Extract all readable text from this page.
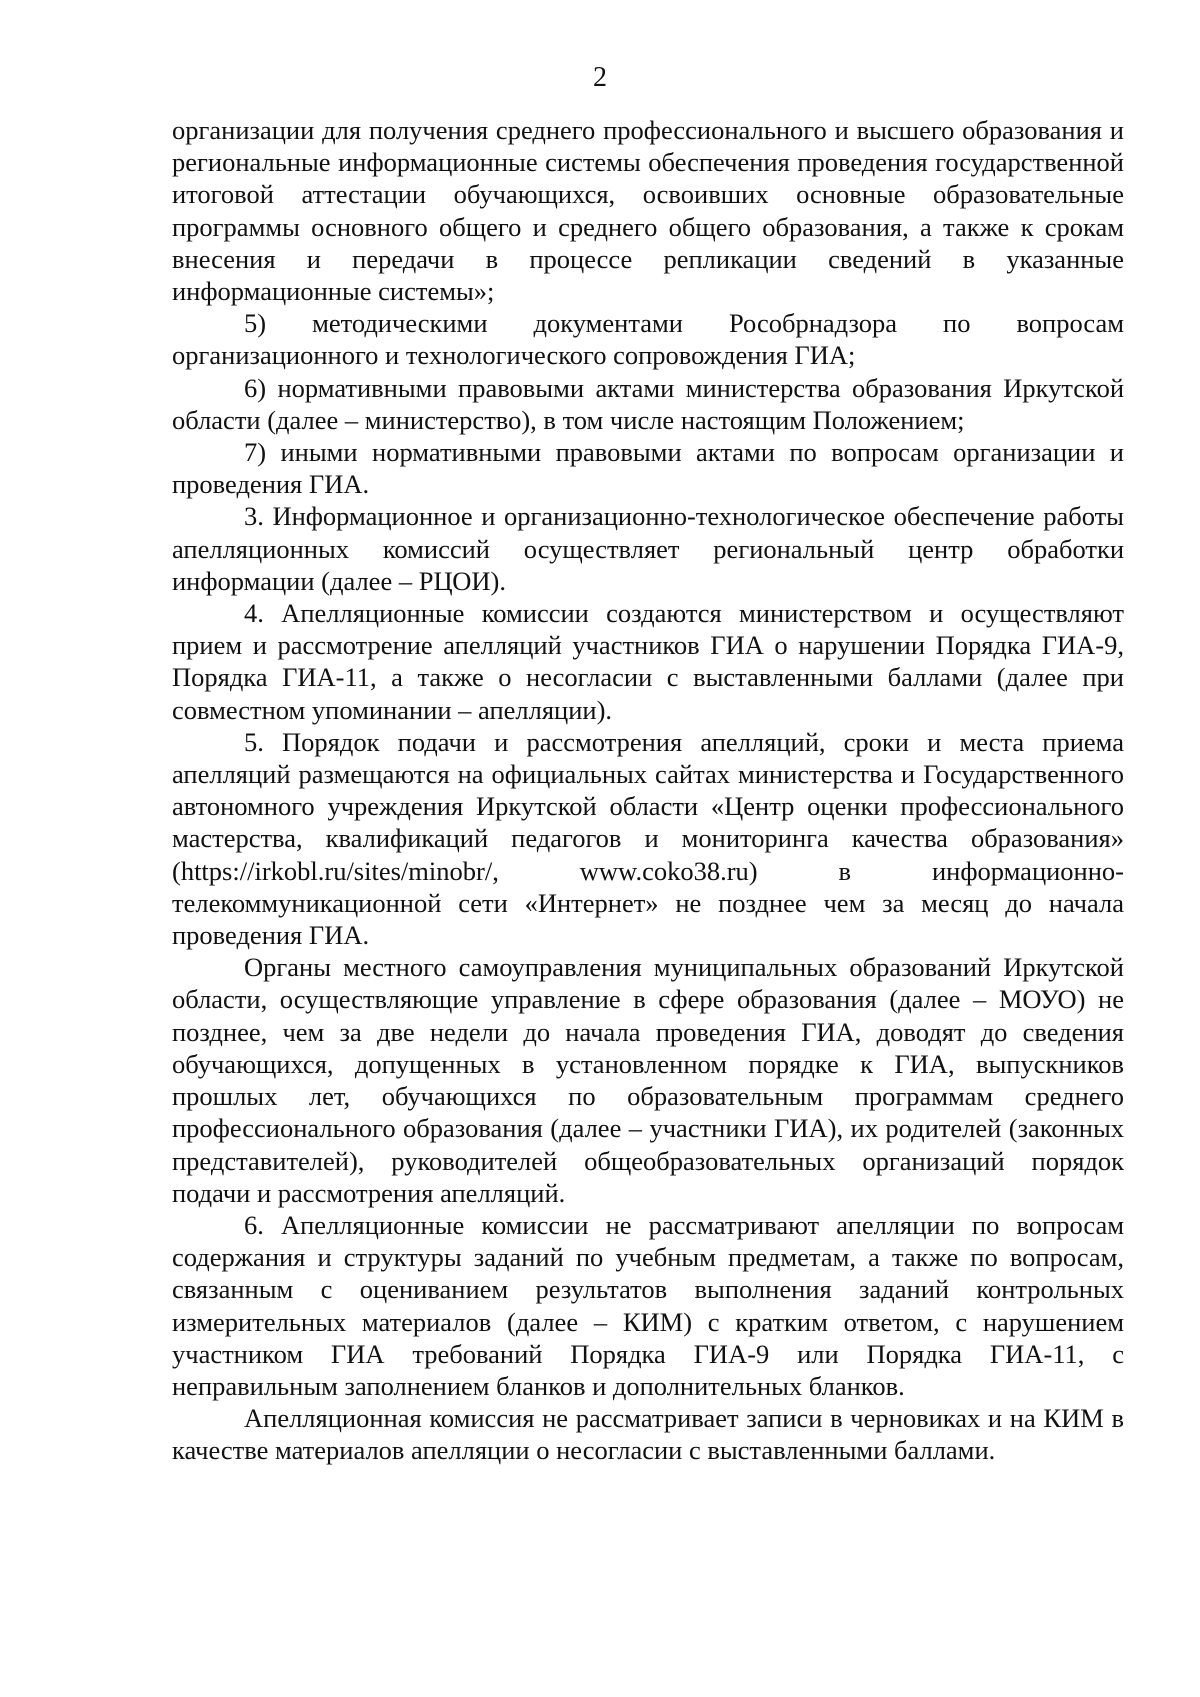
2

организации для получения среднего профессионального и высшего образования и региональные информационные системы обеспечения проведения государственной итоговой аттестации обучающихся, освоивших основные образовательные программы основного общего и среднего общего образования, а также к срокам внесения и передачи в процессе репликации сведений в указанные информационные системы»;

5) методическими документами Рособрнадзора по вопросам организационного и технологического сопровождения ГИА;

6) нормативными правовыми актами министерства образования Иркутской области (далее – министерство), в том числе настоящим Положением;

7) иными нормативными правовыми актами по вопросам организации и проведения ГИА.

3. Информационное и организационно-технологическое обеспечение работы апелляционных комиссий осуществляет региональный центр обработки информации (далее – РЦОИ).

4. Апелляционные комиссии создаются министерством и осуществляют прием и рассмотрение апелляций участников ГИА о нарушении Порядка ГИА-9, Порядка ГИА-11, а также о несогласии с выставленными баллами (далее при совместном упоминании – апелляции).

5. Порядок подачи и рассмотрения апелляций, сроки и места приема апелляций размещаются на официальных сайтах министерства и Государственного автономного учреждения Иркутской области «Центр оценки профессионального мастерства, квалификаций педагогов и мониторинга качества образования» (https://irkobl.ru/sites/minobr/, www.coko38.ru) в информационно-телекоммуникационной сети «Интернет» не позднее чем за месяц до начала проведения ГИА.

Органы местного самоуправления муниципальных образований Иркутской области, осуществляющие управление в сфере образования (далее – МОУО) не позднее, чем за две недели до начала проведения ГИА, доводят до сведения обучающихся, допущенных в установленном порядке к ГИА, выпускников прошлых лет, обучающихся по образовательным программам среднего профессионального образования (далее – участники ГИА), их родителей (законных представителей), руководителей общеобразовательных организаций порядок подачи и рассмотрения апелляций.

6. Апелляционные комиссии не рассматривают апелляции по вопросам содержания и структуры заданий по учебным предметам, а также по вопросам, связанным с оцениванием результатов выполнения заданий контрольных измерительных материалов (далее – КИМ) с кратким ответом, с нарушением участником ГИА требований Порядка ГИА-9 или Порядка ГИА-11, с неправильным заполнением бланков и дополнительных бланков.

Апелляционная комиссия не рассматривает записи в черновиках и на КИМ в качестве материалов апелляции о несогласии с выставленными баллами.
